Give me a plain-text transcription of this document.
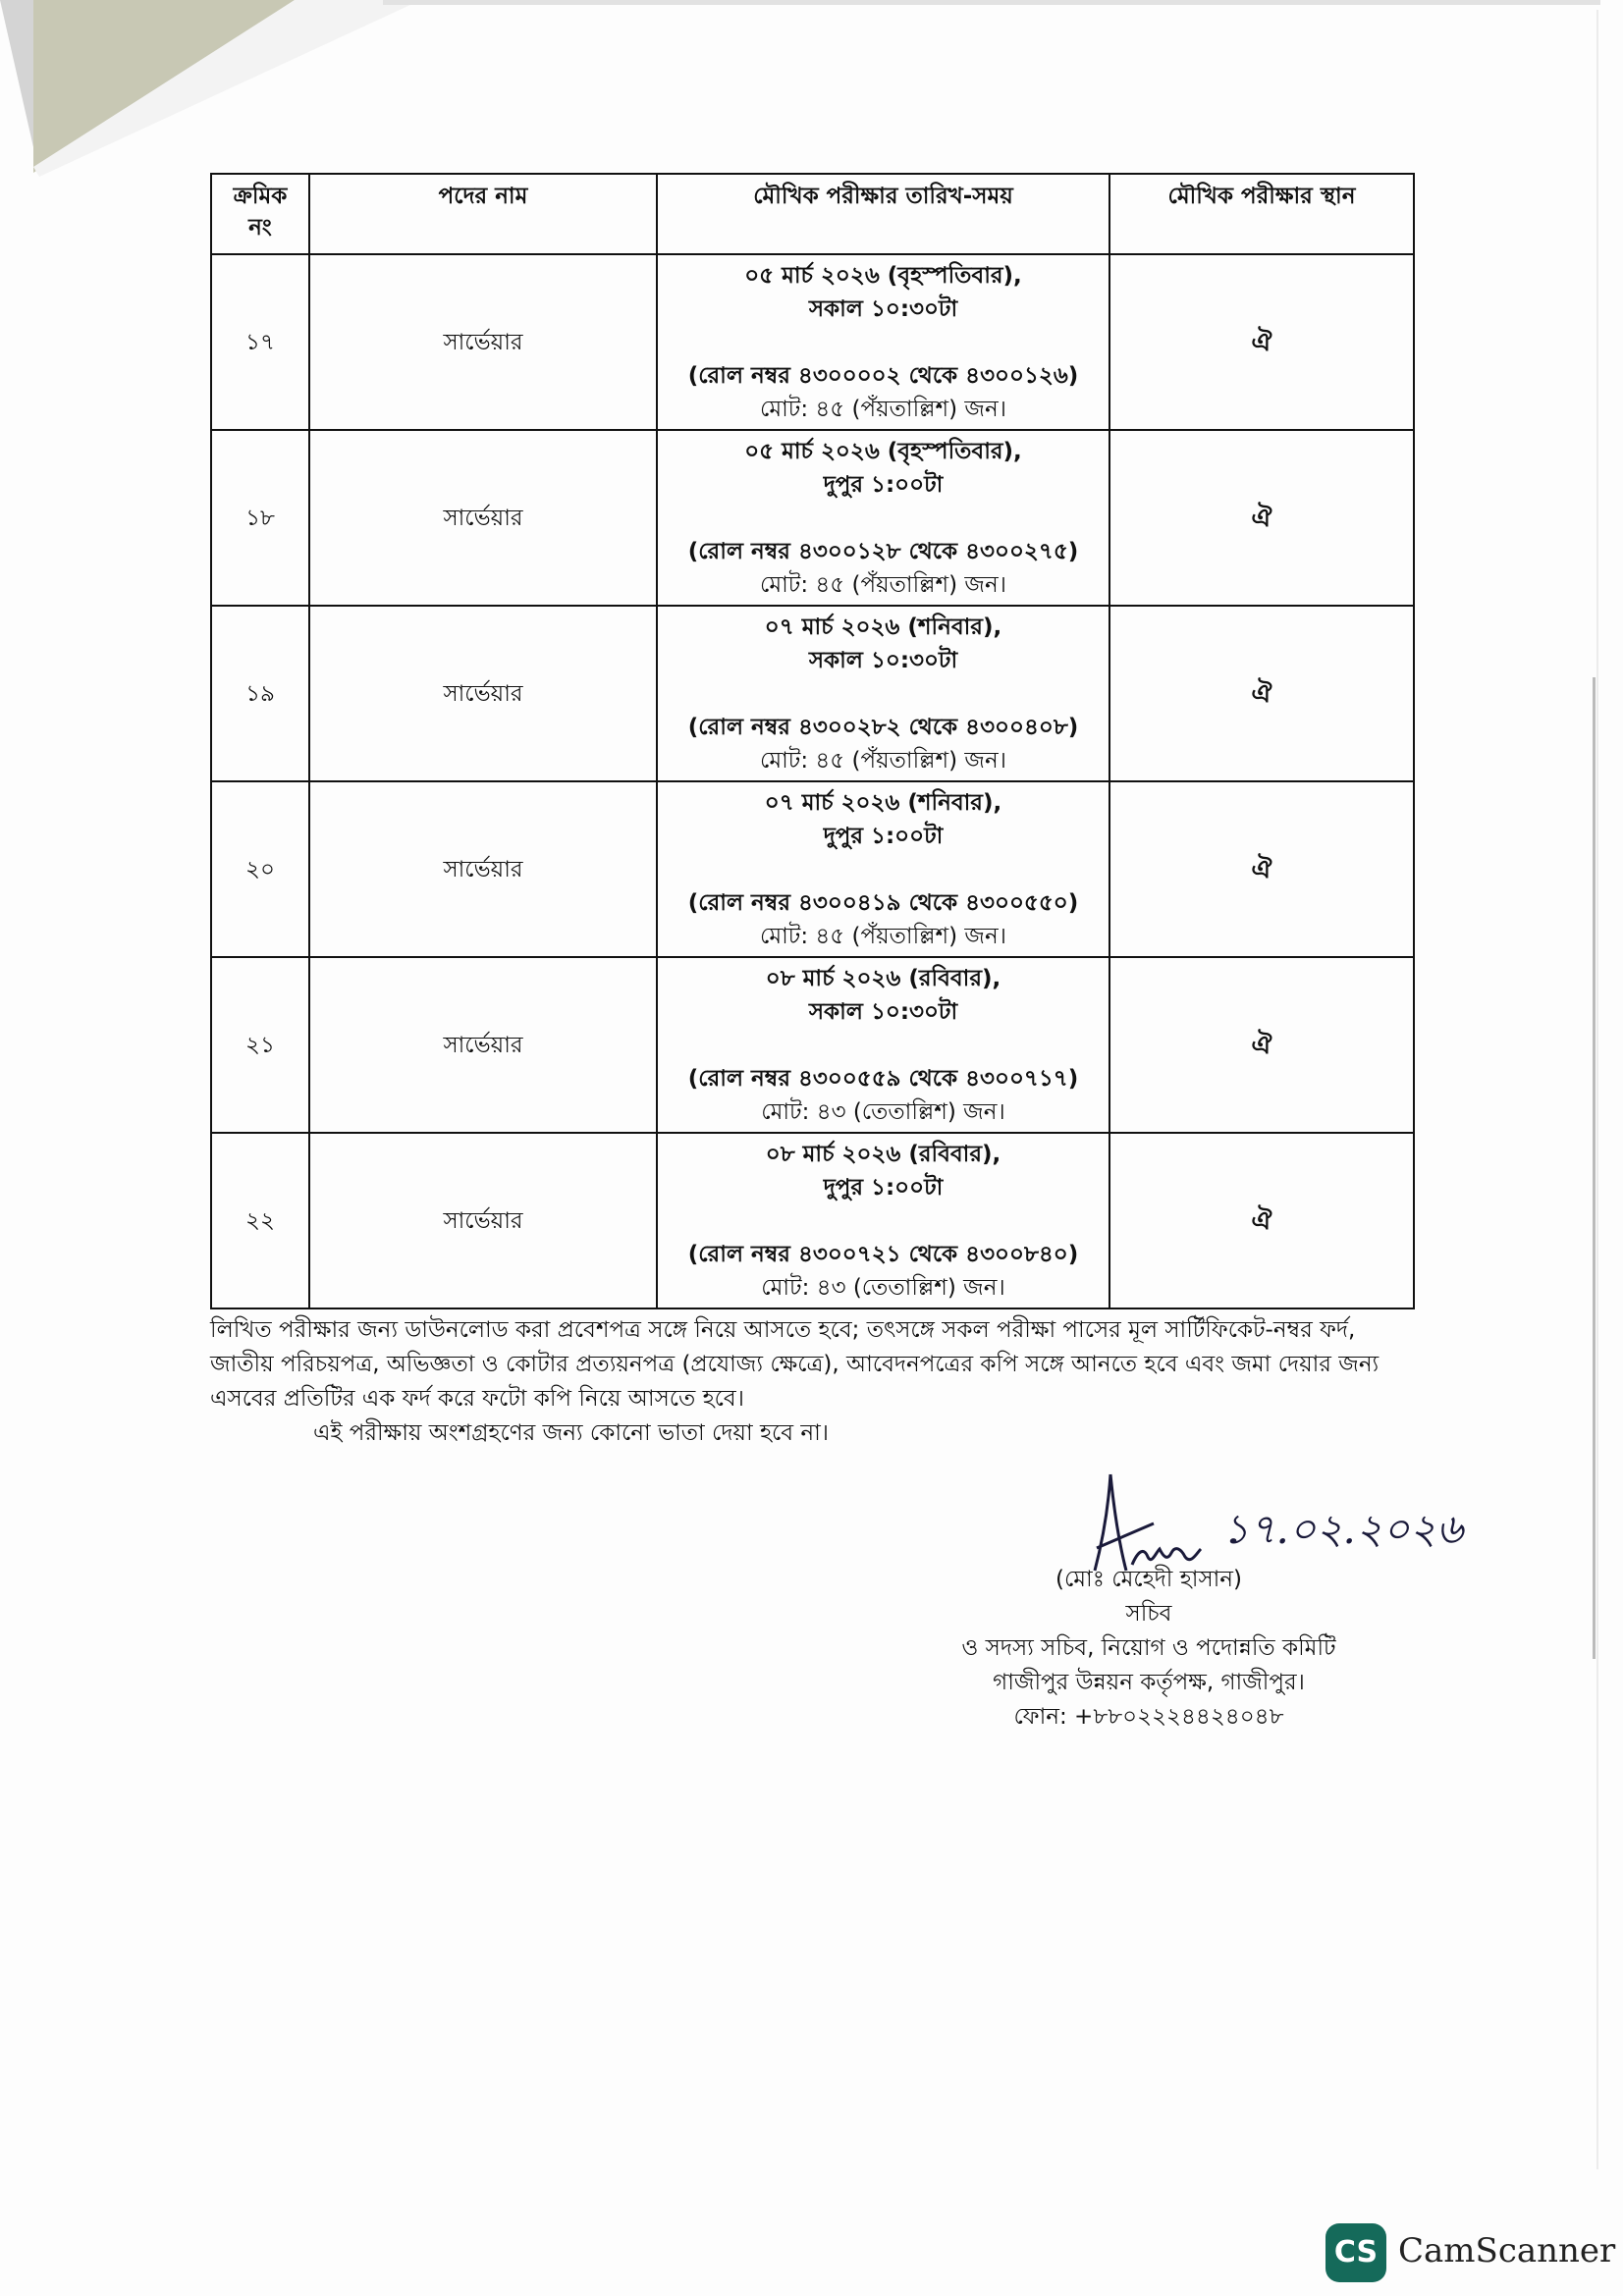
ক্রমিক নং	পদের নাম	মৌখিক পরীক্ষার তারিখ-সময়	মৌখিক পরীক্ষার স্থান
১৭	সার্ভেয়ার	০৫ মার্চ ২০২৬ (বৃহস্পতিবার),
সকাল ১০:৩০টা
(রোল নম্বর ৪৩০০০০২ থেকে ৪৩০০১২৬)
মোট: ৪৫ (পঁয়তাল্লিশ) জন।	ঐ
১৮	সার্ভেয়ার	০৫ মার্চ ২০২৬ (বৃহস্পতিবার),
দুপুর ১:০০টা
(রোল নম্বর ৪৩০০১২৮ থেকে ৪৩০০২৭৫)
মোট: ৪৫ (পঁয়তাল্লিশ) জন।	ঐ
১৯	সার্ভেয়ার	০৭ মার্চ ২০২৬ (শনিবার),
সকাল ১০:৩০টা
(রোল নম্বর ৪৩০০২৮২ থেকে ৪৩০০৪০৮)
মোট: ৪৫ (পঁয়তাল্লিশ) জন।	ঐ
২০	সার্ভেয়ার	০৭ মার্চ ২০২৬ (শনিবার),
দুপুর ১:০০টা
(রোল নম্বর ৪৩০০৪১৯ থেকে ৪৩০০৫৫০)
মোট: ৪৫ (পঁয়তাল্লিশ) জন।	ঐ
২১	সার্ভেয়ার	০৮ মার্চ ২০২৬ (রবিবার),
সকাল ১০:৩০টা
(রোল নম্বর ৪৩০০৫৫৯ থেকে ৪৩০০৭১৭)
মোট: ৪৩ (তেতাল্লিশ) জন।	ঐ
২২	সার্ভেয়ার	০৮ মার্চ ২০২৬ (রবিবার),
দুপুর ১:০০টা
(রোল নম্বর ৪৩০০৭২১ থেকে ৪৩০০৮৪০)
মোট: ৪৩ (তেতাল্লিশ) জন।	ঐ

লিখিত পরীক্ষার জন্য ডাউনলোড করা প্রবেশপত্র সঙ্গে নিয়ে আসতে হবে; তৎসঙ্গে সকল পরীক্ষা পাসের মূল সার্টিফিকেট-নম্বর ফর্দ, জাতীয় পরিচয়পত্র, অভিজ্ঞতা ও কোটার প্রত্যয়নপত্র (প্রযোজ্য ক্ষেত্রে), আবেদনপত্রের কপি সঙ্গে আনতে হবে এবং জমা দেয়ার জন্য এসবের প্রতিটির এক ফর্দ করে ফটো কপি নিয়ে আসতে হবে।

এই পরীক্ষায় অংশগ্রহণের জন্য কোনো ভাতা দেয়া হবে না।

১৭.০২.২০২৬
(মোঃ মেহেদী হাসান)
সচিব
ও সদস্য সচিব, নিয়োগ ও পদোন্নতি কমিটি
গাজীপুর উন্নয়ন কর্তৃপক্ষ, গাজীপুর।
ফোন: +৮৮০২২২৪৪২৪০৪৮
CS CamScanner
